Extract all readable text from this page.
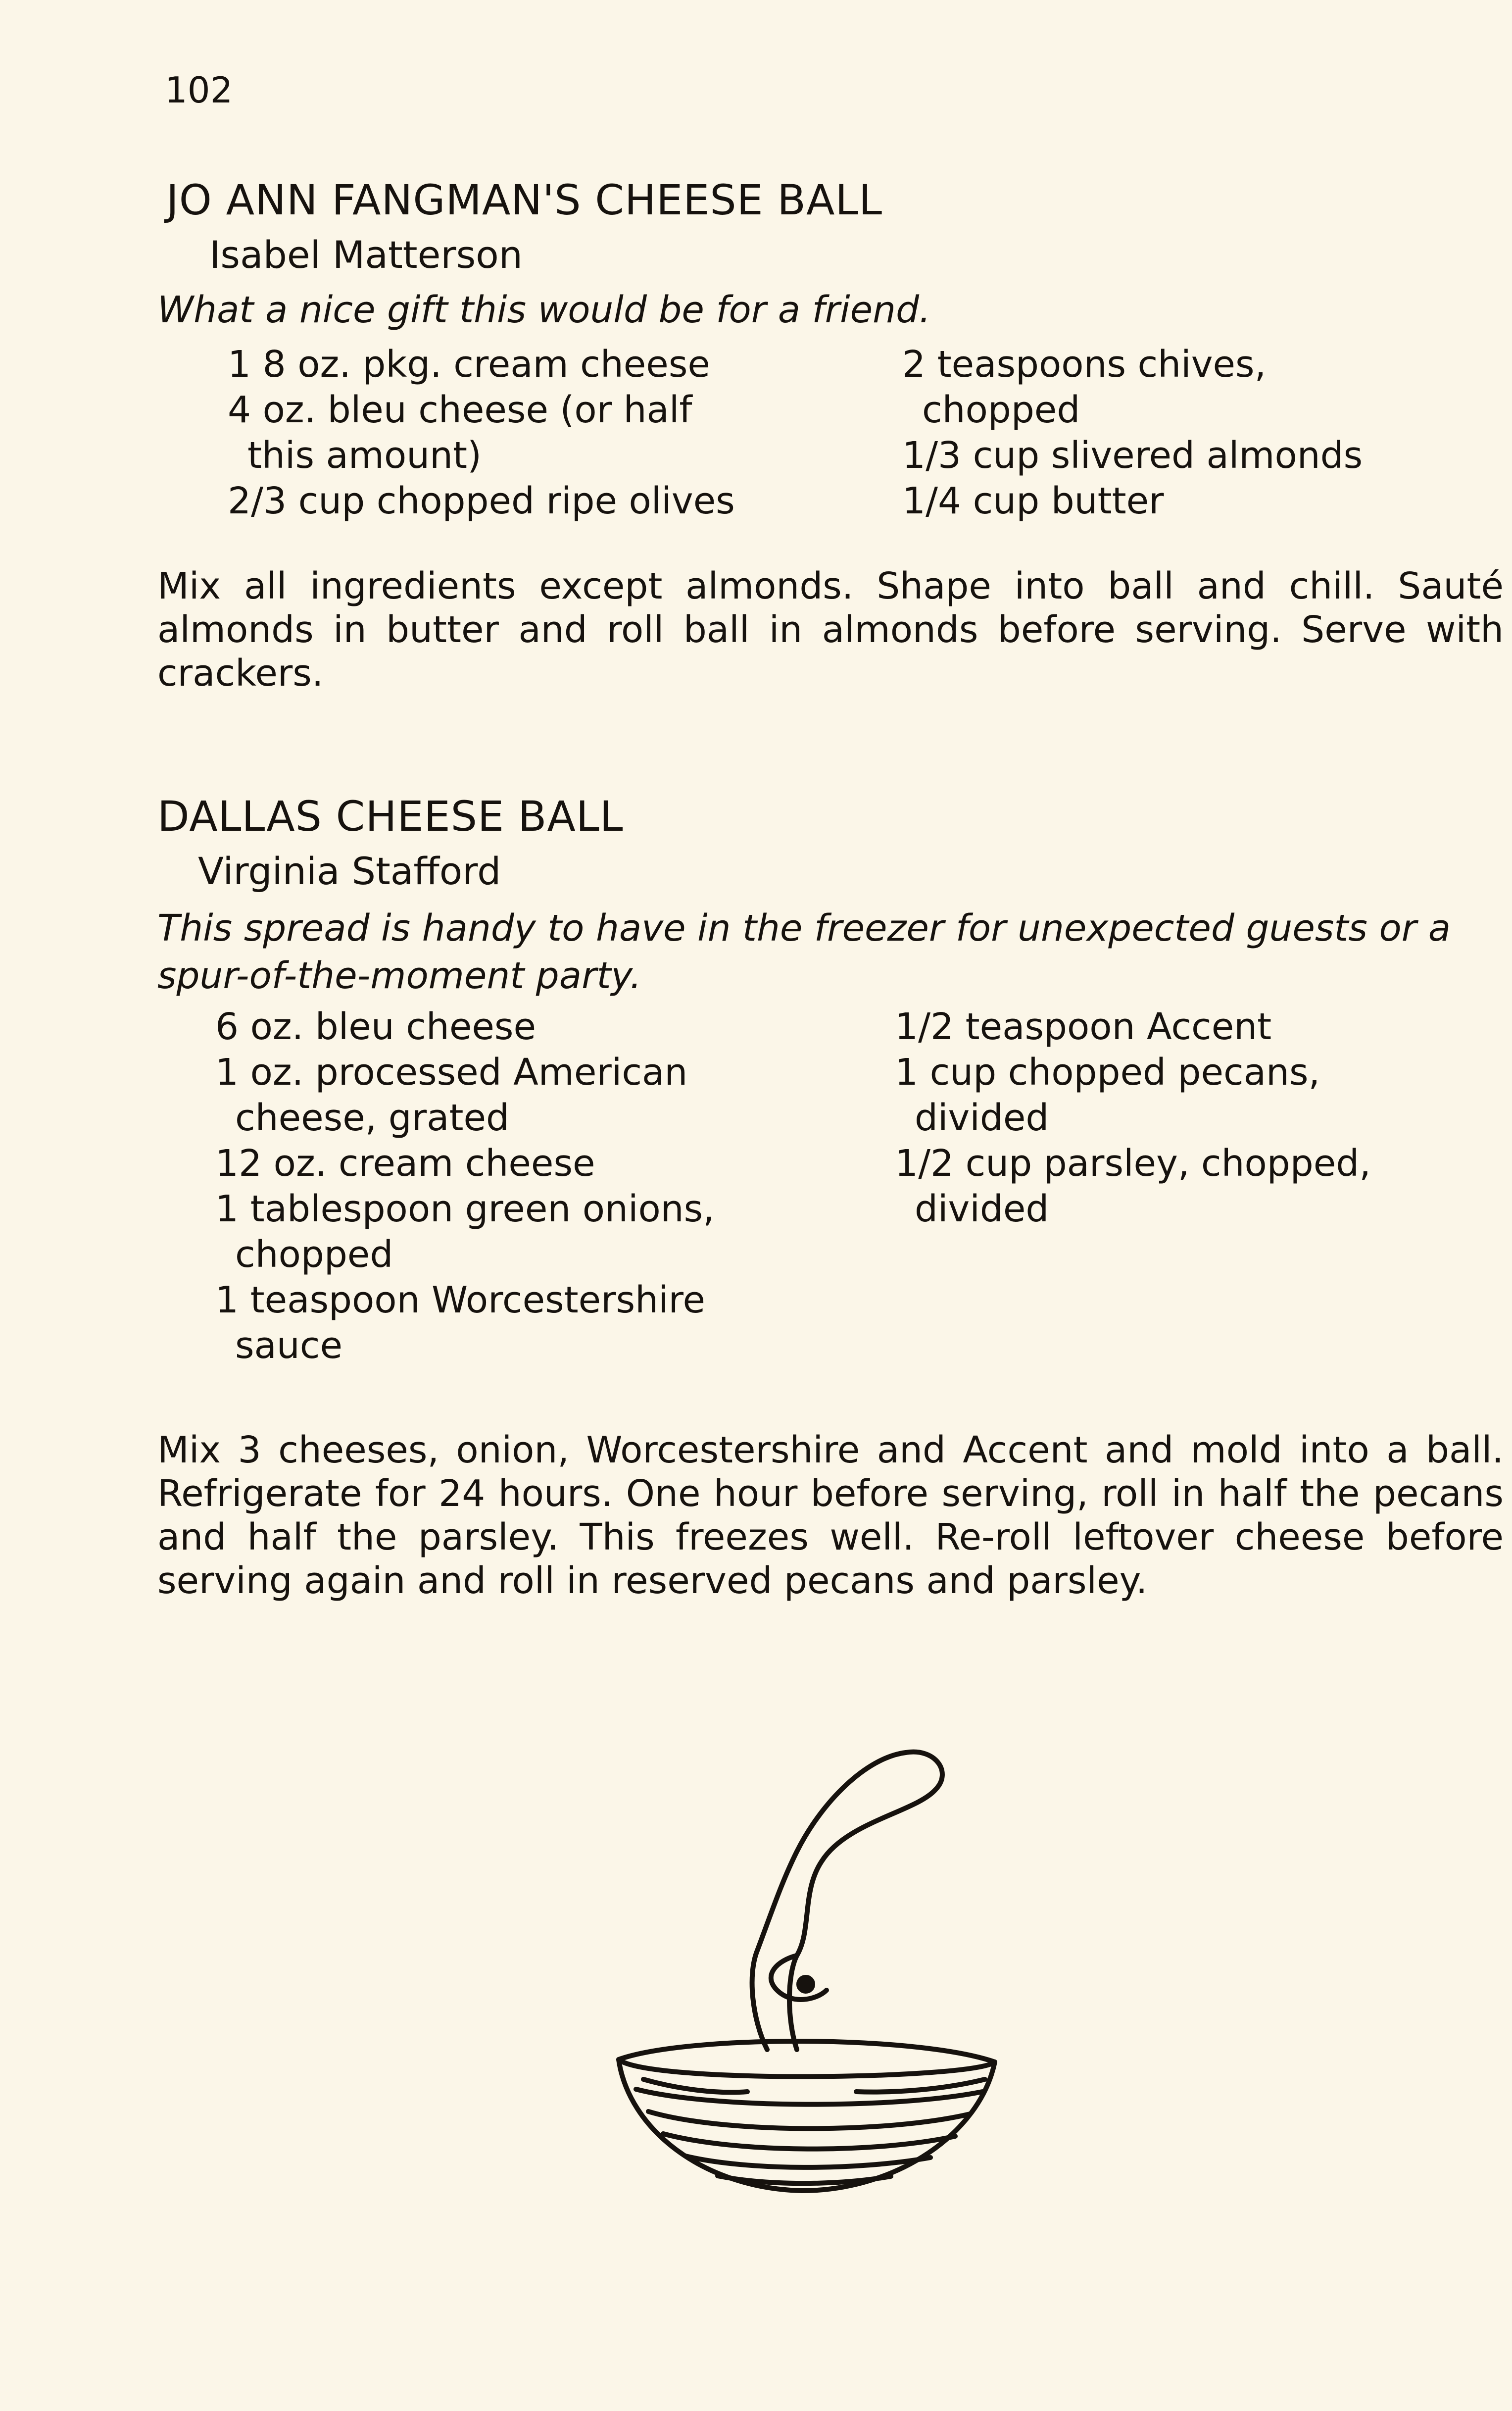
102
JO ANN FANGMAN'S CHEESE BALL
Isabel Matterson
What a nice gift this would be for a friend.
1 8 oz. pkg. cream cheese
4 oz. bleu cheese (or half
this amount)
2/3 cup chopped ripe olives
2 teaspoons chives,
chopped
1/3 cup slivered almonds
1/4 cup butter
Mix all ingredients except almonds. Shape into ball and chill. Sauté almonds in butter and roll ball in almonds before serving. Serve with crackers.
DALLAS CHEESE BALL
Virginia Stafford
This spread is handy to have in the freezer for unexpected guests or a spur-of-the-moment party.
6 oz. bleu cheese
1 oz. processed American
cheese, grated
12 oz. cream cheese
1 tablespoon green onions,
chopped
1 teaspoon Worcestershire
sauce
1/2 teaspoon Accent
1 cup chopped pecans,
divided
1/2 cup parsley, chopped,
divided
Mix 3 cheeses, onion, Worcestershire and Accent and mold into a ball. Refrigerate for 24 hours. One hour before serving, roll in half the pecans and half the parsley. This freezes well. Re-roll leftover cheese before serving again and roll in reserved pecans and parsley.
